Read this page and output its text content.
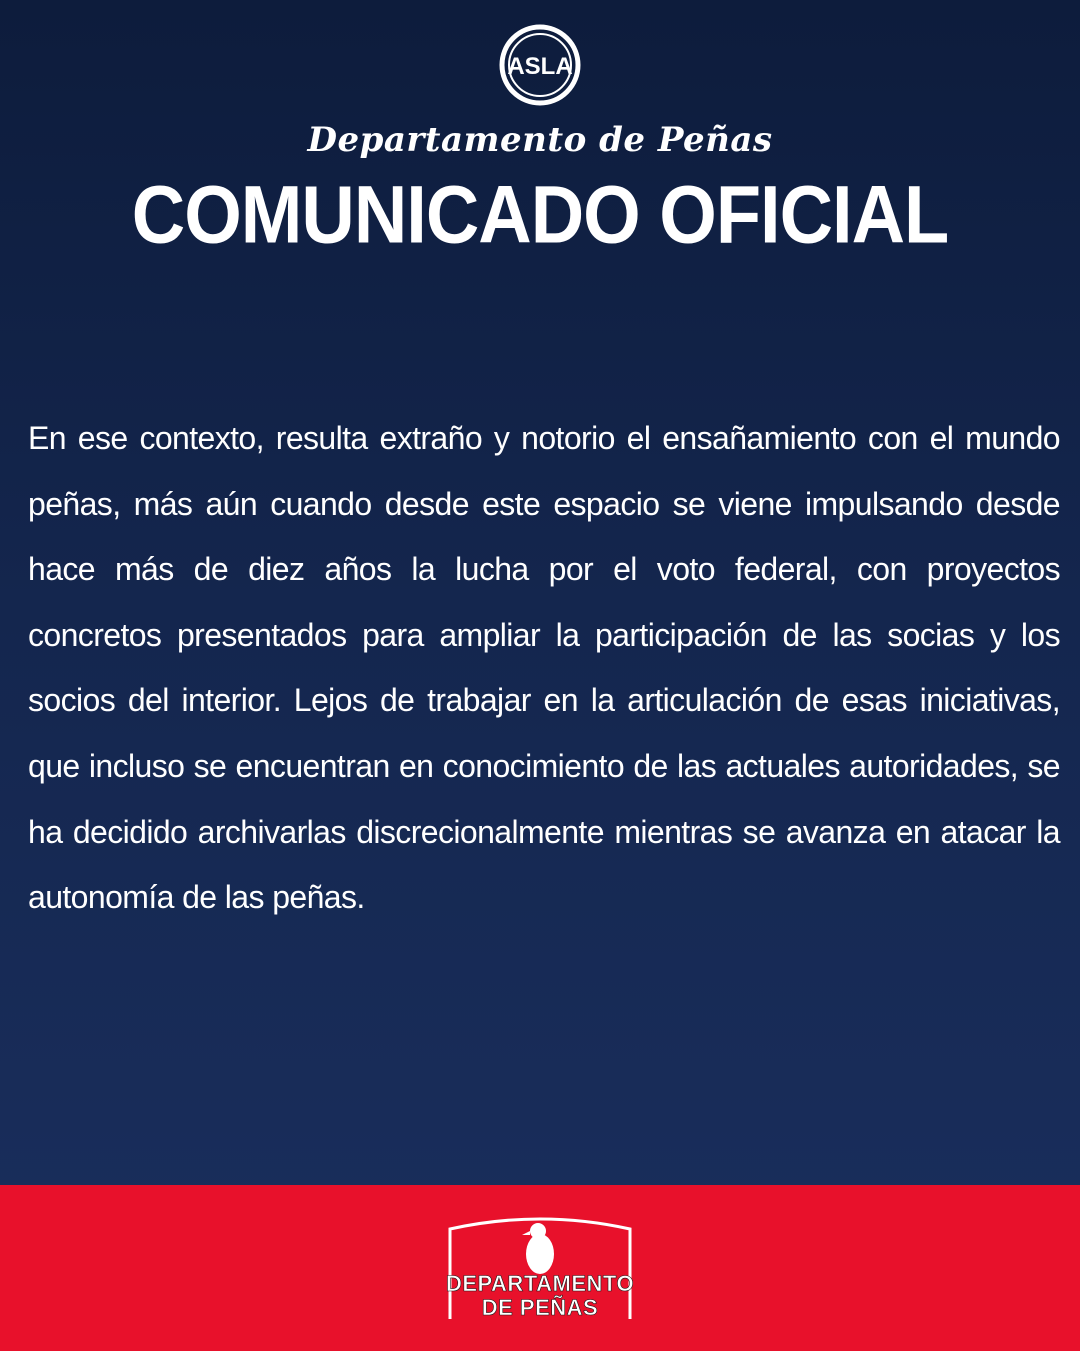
ASLA
Departamento de Peñas
COMUNICADO OFICIAL

En ese contexto, resulta extraño y notorio el ensañamiento con el mundo peñas, más aún cuando desde este espacio se viene impulsando desde hace más de diez años la lucha por el voto federal, con proyectos concretos presentados para ampliar la participación de las socias y los socios del interior. Lejos de trabajar en la articulación de esas iniciativas, que incluso se encuentran en conocimiento de las actuales autoridades, se ha decidido archivarlas discrecionalmente mientras se avanza en atacar la autonomía de las peñas.

DEPARTAMENTO
DE PEÑAS
